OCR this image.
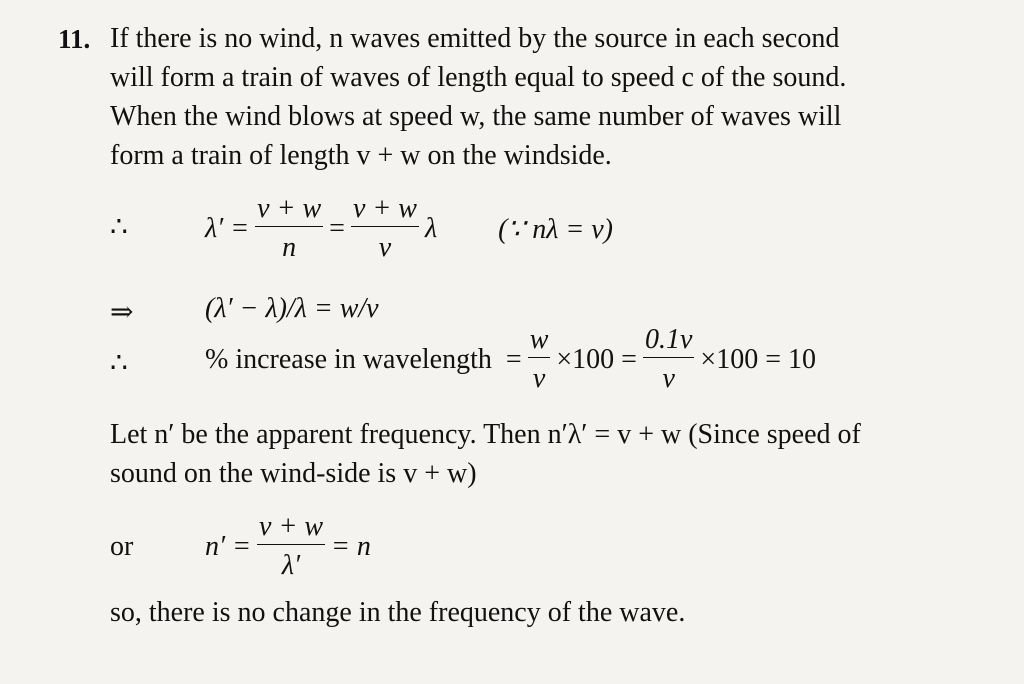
11. If there is no wind, n waves emitted by the source in each second
will form a train of waves of length equal to speed c of the sound.
When the wind blows at speed w, the same number of waves will
form a train of length v + w on the windside.
∴	$\lambda' = \frac{v + w}{n} = \frac{v + w}{v}$ λ (∵ nλ = v)
⇒	(λ′ − λ)/λ = w/v
∴	% increase in wavelength = $\frac{w}{v} \times 100 = \frac{0.1v}{v} \times 100 = 10$
Let n′ be the apparent frequency. Then n′λ′ = v + w (Since speed of
sound on the wind-side is v + w)
or	$n' = \frac{v + w}{\lambda'} = n$
so, there is no change in the frequency of the wave.
